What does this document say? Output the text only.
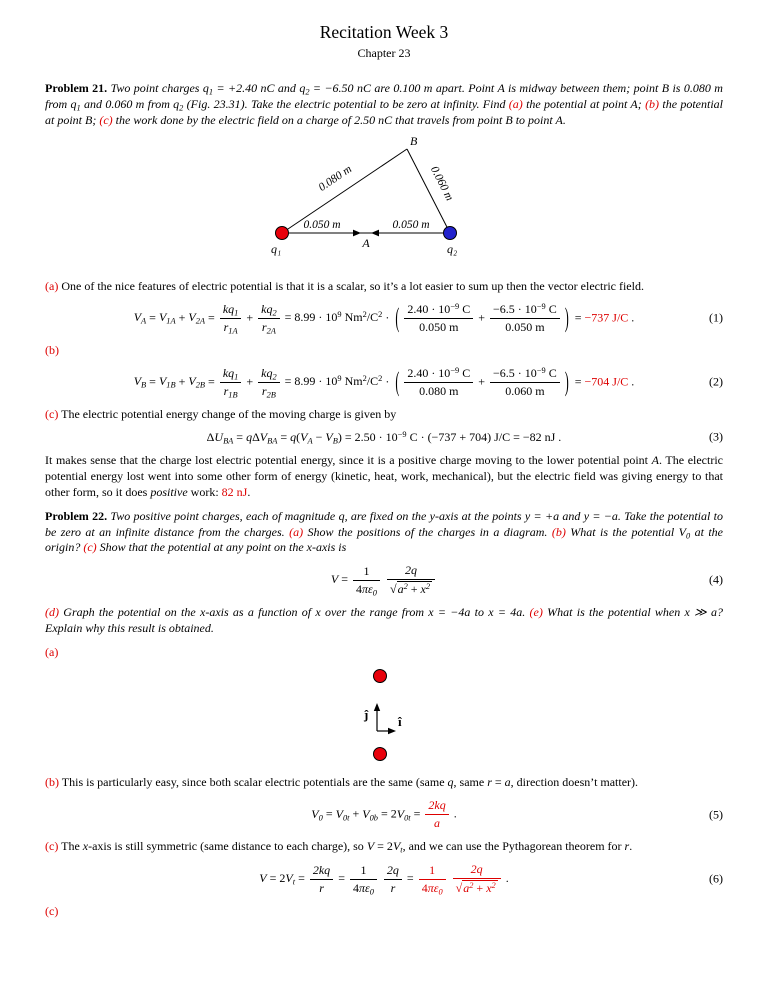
Recitation Week 3
Chapter 23

Problem 21. Two point charges $q_1 = +2.40$ nC and $q_2 = -6.50$ nC are 0.100 m apart. Point A is midway between them; point B is 0.080 m from $q_1$ and 0.060 m from $q_2$ (Fig. 23.31). Take the electric potential to be zero at infinity. Find (a) the potential at point A; (b) the potential at point B; (c) the work done by the electric field on a charge of 2.50 nC that travels from point B to point A.

B
q₁	q₂
A
0.050 m	0.050 m
0.080 m	0.060 m

(a) One of the nice features of electric potential is that it is a scalar, so it’s a lot easier to sum up then the vector electric field.

$V_A = V_{1A} + V_{2A} = \frac{kq_1}{r_{1A}} + \frac{kq_2}{r_{2A}} = 8.99 \cdot 10^9$ $Nm^2/C^2$ · ( $\frac{2.40 \cdot 10^{-9} C}{0.050 m} + \frac{-6.5 \cdot 10^{-9} C}{0.050 m}$ ) = −737 J/C .	(1)

(b)

$V_B = V_{1B} + V_{2B} = \frac{kq_1}{r_{1B}} + \frac{kq_2}{r_{2B}} = 8.99 \cdot 10^9$ $Nm^2/C^2$ · ( $\frac{2.40 \cdot 10^{-9} C}{0.080 m} + \frac{-6.5 \cdot 10^{-9} C}{0.060 m}$ ) = −704 J/C .	(2)

(c) The electric potential energy change of the moving charge is given by

$\Delta U_{BA} = q\Delta V_{BA} = q(V_A - V_B) = 2.50 \cdot 10^{-9}$ C · (−737 + 704) J/C = −82 nJ .	(3)

It makes sense that the charge lost electric potential energy, since it is a positive charge moving to the lower potential point A. The electric potential energy lost went into some other form of energy (kinetic, heat, work, mechanical), but the electric field was giving energy to that other form, so it does positive work: 82 nJ.

Problem 22. Two positive point charges, each of magnitude q, are fixed on the y-axis at the points y = +a and y = −a. Take the potential to be zero at an infinite distance from the charges. (a) Show the positions of the charges in a diagram. (b) What is the potential $V_0$ at the origin? (c) Show that the potential at any point on the x-axis is

$V = \frac{1}{4\pi\varepsilon_0}$
$\frac{2q}{√a^2 + x^2}$	(4)

(d) Graph the potential on the x-axis as a function of x over the range from x = −4a to x = 4a. (e) What is the potential when x ≫ a? Explain why this result is obtained.

(a)

ĵ î

(b) This is particularly easy, since both scalar electric potentials are the same (same q, same r = a, direction doesn’t matter).

$V_0 = V_{0t} + V_{0b} = 2V_{0t} = \frac{2kq}{a}$ .	(5)

(c) The x-axis is still symmetric (same distance to each charge), so $V = 2V_t$, and we can use the Pythagorean theorem for r.

$V = 2V_t = \frac{2kq}{r} = \frac{1}{4\pi\varepsilon_0}$
$\frac{2q}{r} = \frac{1}{4\pi\varepsilon_0}$
$\frac{2q}{√a^2 + x^2}$ .	(6)

(c)
